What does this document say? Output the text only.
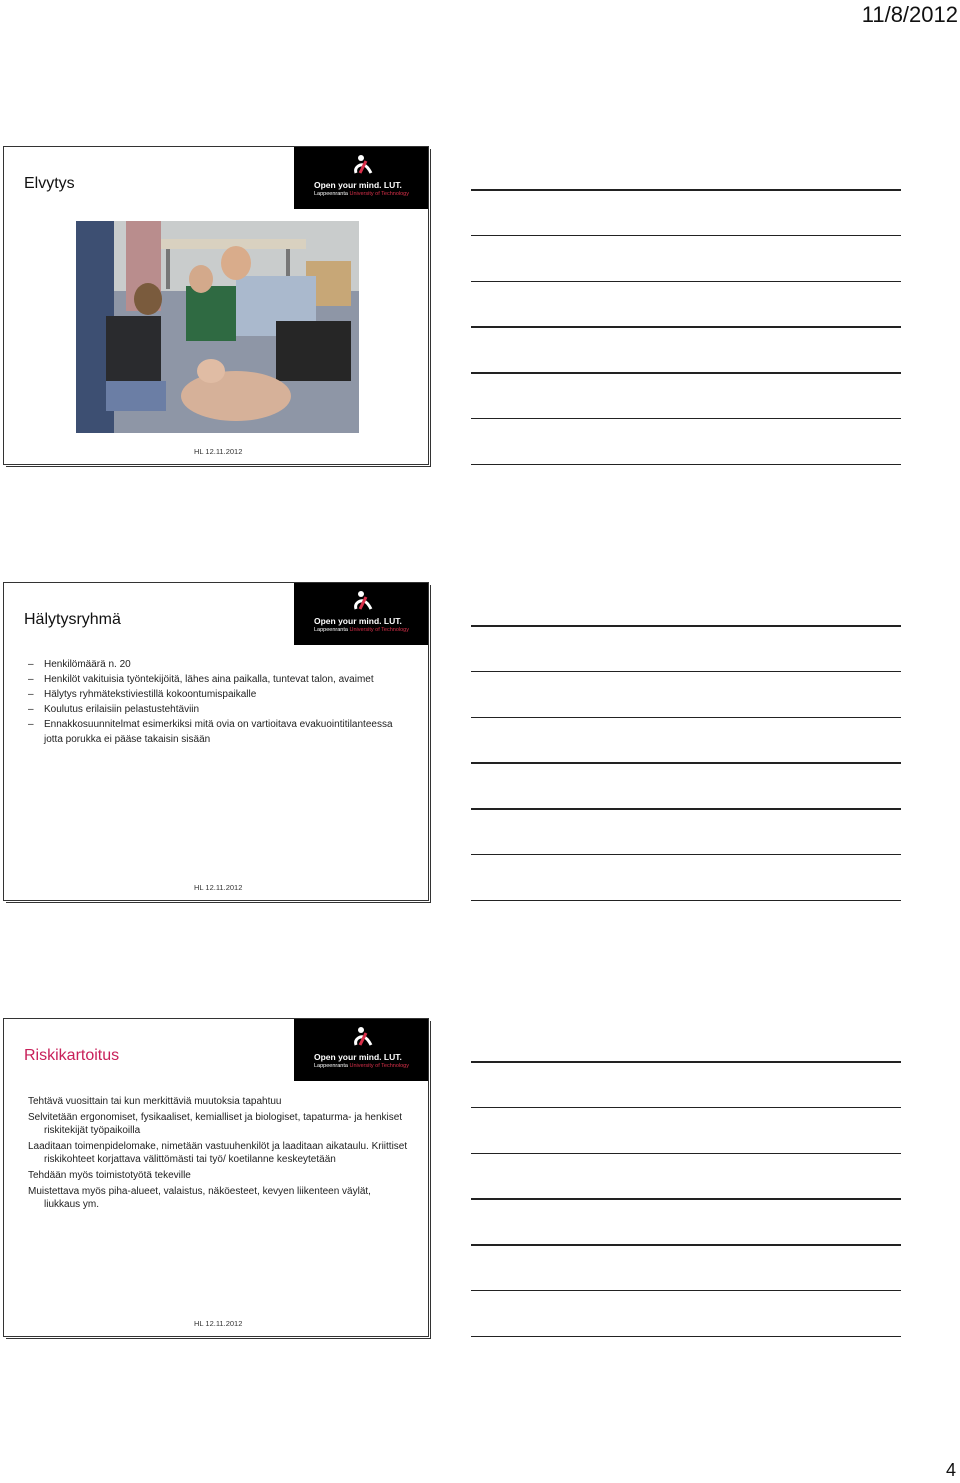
11/8/2012
Elvytys	Open your mind. LUT.
Lappeenranta University of Technology
HL 12.11.2012
Hälytysryhmä	Open your mind. LUT.
Lappeenranta University of Technology
– Henkilömäärä n. 20
– Henkilöt vakituisia työntekijöitä, lähes aina paikalla, tuntevat talon, avaimet
– Hälytys ryhmätekstiviestillä kokoontumispaikalle
– Koulutus erilaisiin pelastustehtäviin
– Ennakkosuunnitelmat esimerkiksi mitä ovia on vartioitava evakuointitilanteessa jotta porukka ei pääse takaisin sisään
HL 12.11.2012
Riskikartoitus	Open your mind. LUT.
Lappeenranta University of Technology
Tehtävä vuosittain tai kun merkittäviä muutoksia tapahtuu
Selvitetään ergonomiset, fysikaaliset, kemialliset ja biologiset, tapaturma- ja henkiset riskitekijät työpaikoilla
Laaditaan toimenpidelomake, nimetään vastuuhenkilöt ja laaditaan aikataulu. Kriittiset riskikohteet korjattava välittömästi tai työ/ koetilanne keskeytetään
Tehdään myös toimistotyötä tekeville
Muistettava myös piha-alueet, valaistus, näköesteet, kevyen liikenteen väylät, liukkaus ym.
HL 12.11.2012
4
